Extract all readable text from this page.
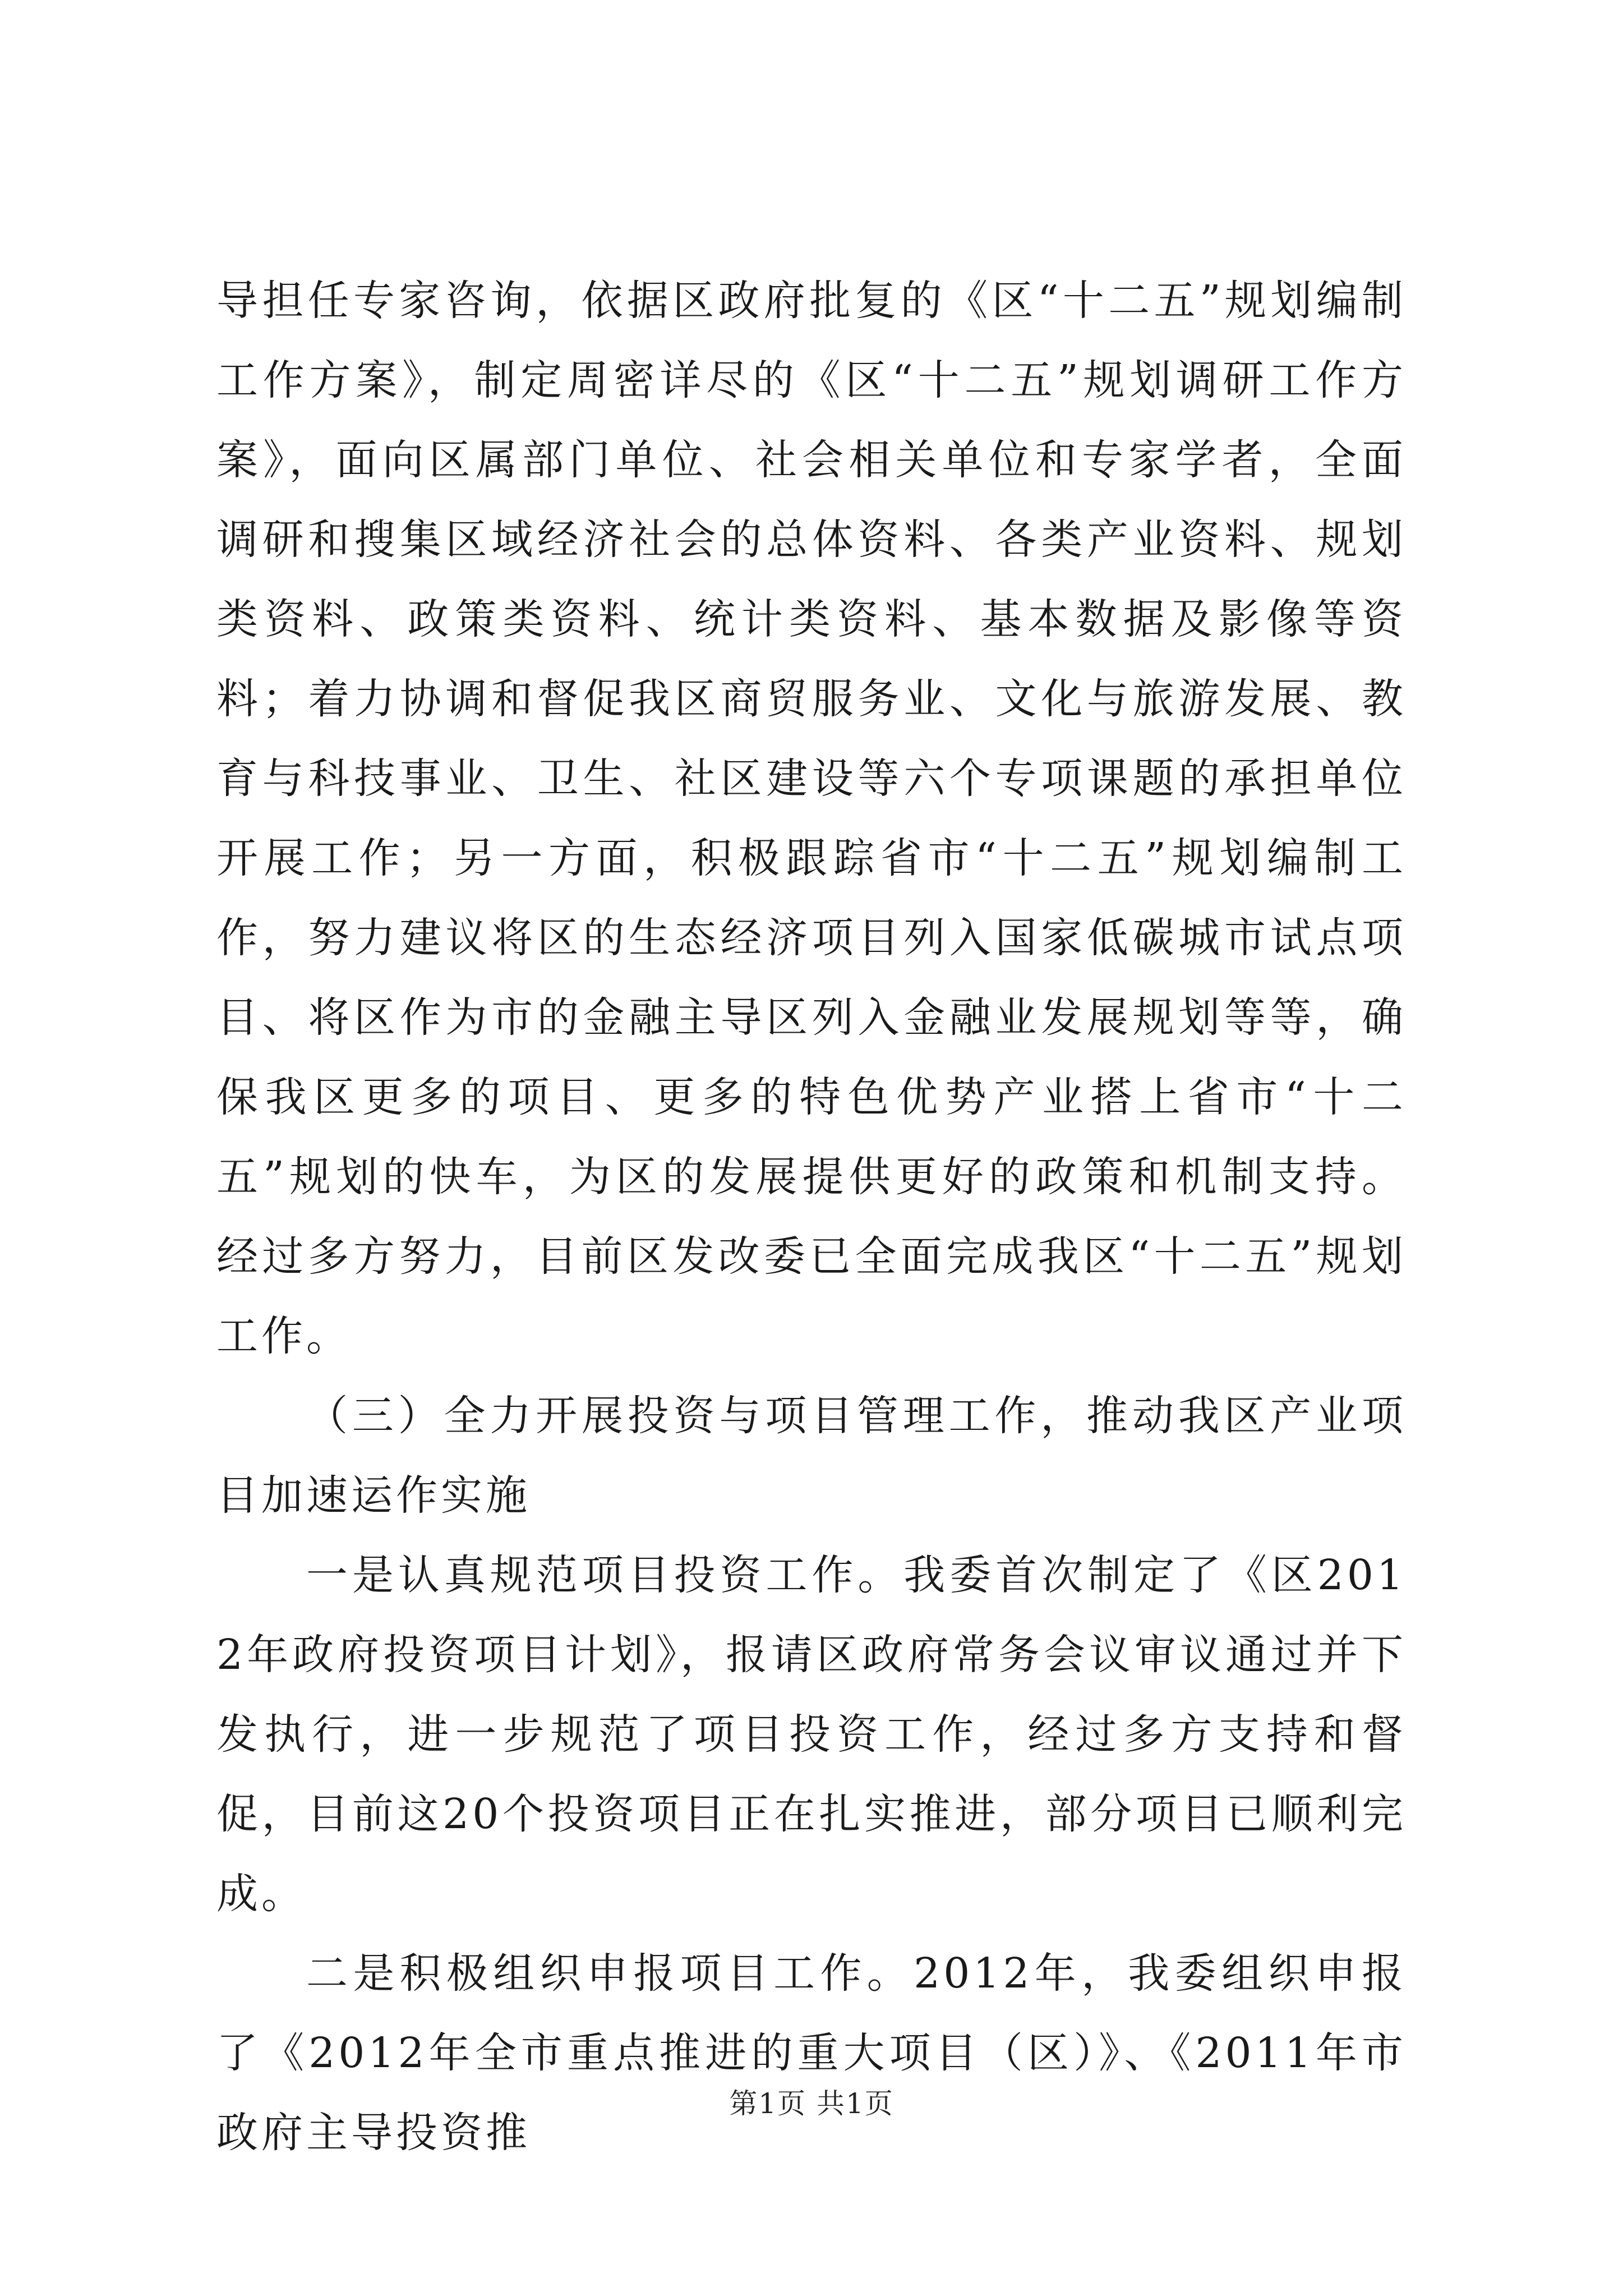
导担任专家咨询，依据区政府批复的《区“十二五”规划编制工作方案》，制定周密详尽的《区“十二五”规划调研工作方案》，面向区属部门单位、社会相关单位和专家学者，全面调研和搜集区域经济社会的总体资料、各类产业资料、规划类资料、政策类资料、统计类资料、基本数据及影像等资料；着力协调和督促我区商贸服务业、文化与旅游发展、教育与科技事业、卫生、社区建设等六个专项课题的承担单位开展工作；另一方面，积极跟踪省市“十二五”规划编制工作，努力建议将区的生态经济项目列入国家低碳城市试点项目、将区作为市的金融主导区列入金融业发展规划等等，确保我区更多的项目、更多的特色优势产业搭上省市“十二五”规划的快车，为区的发展提供更好的政策和机制支持。经过多方努力，目前区发改委已全面完成我区“十二五”规划工作。

（三）全力开展投资与项目管理工作，推动我区产业项目加速运作实施

一是认真规范项目投资工作。我委首次制定了《区2012年政府投资项目计划》，报请区政府常务会议审议通过并下发执行，进一步规范了项目投资工作，经过多方支持和督促，目前这20个投资项目正在扎实推进，部分项目已顺利完成。

二是积极组织申报项目工作。2012年，我委组织申报了《2012年全市重点推进的重大项目（区）》、《2011年市政府主导投资推

第1页 共1页
